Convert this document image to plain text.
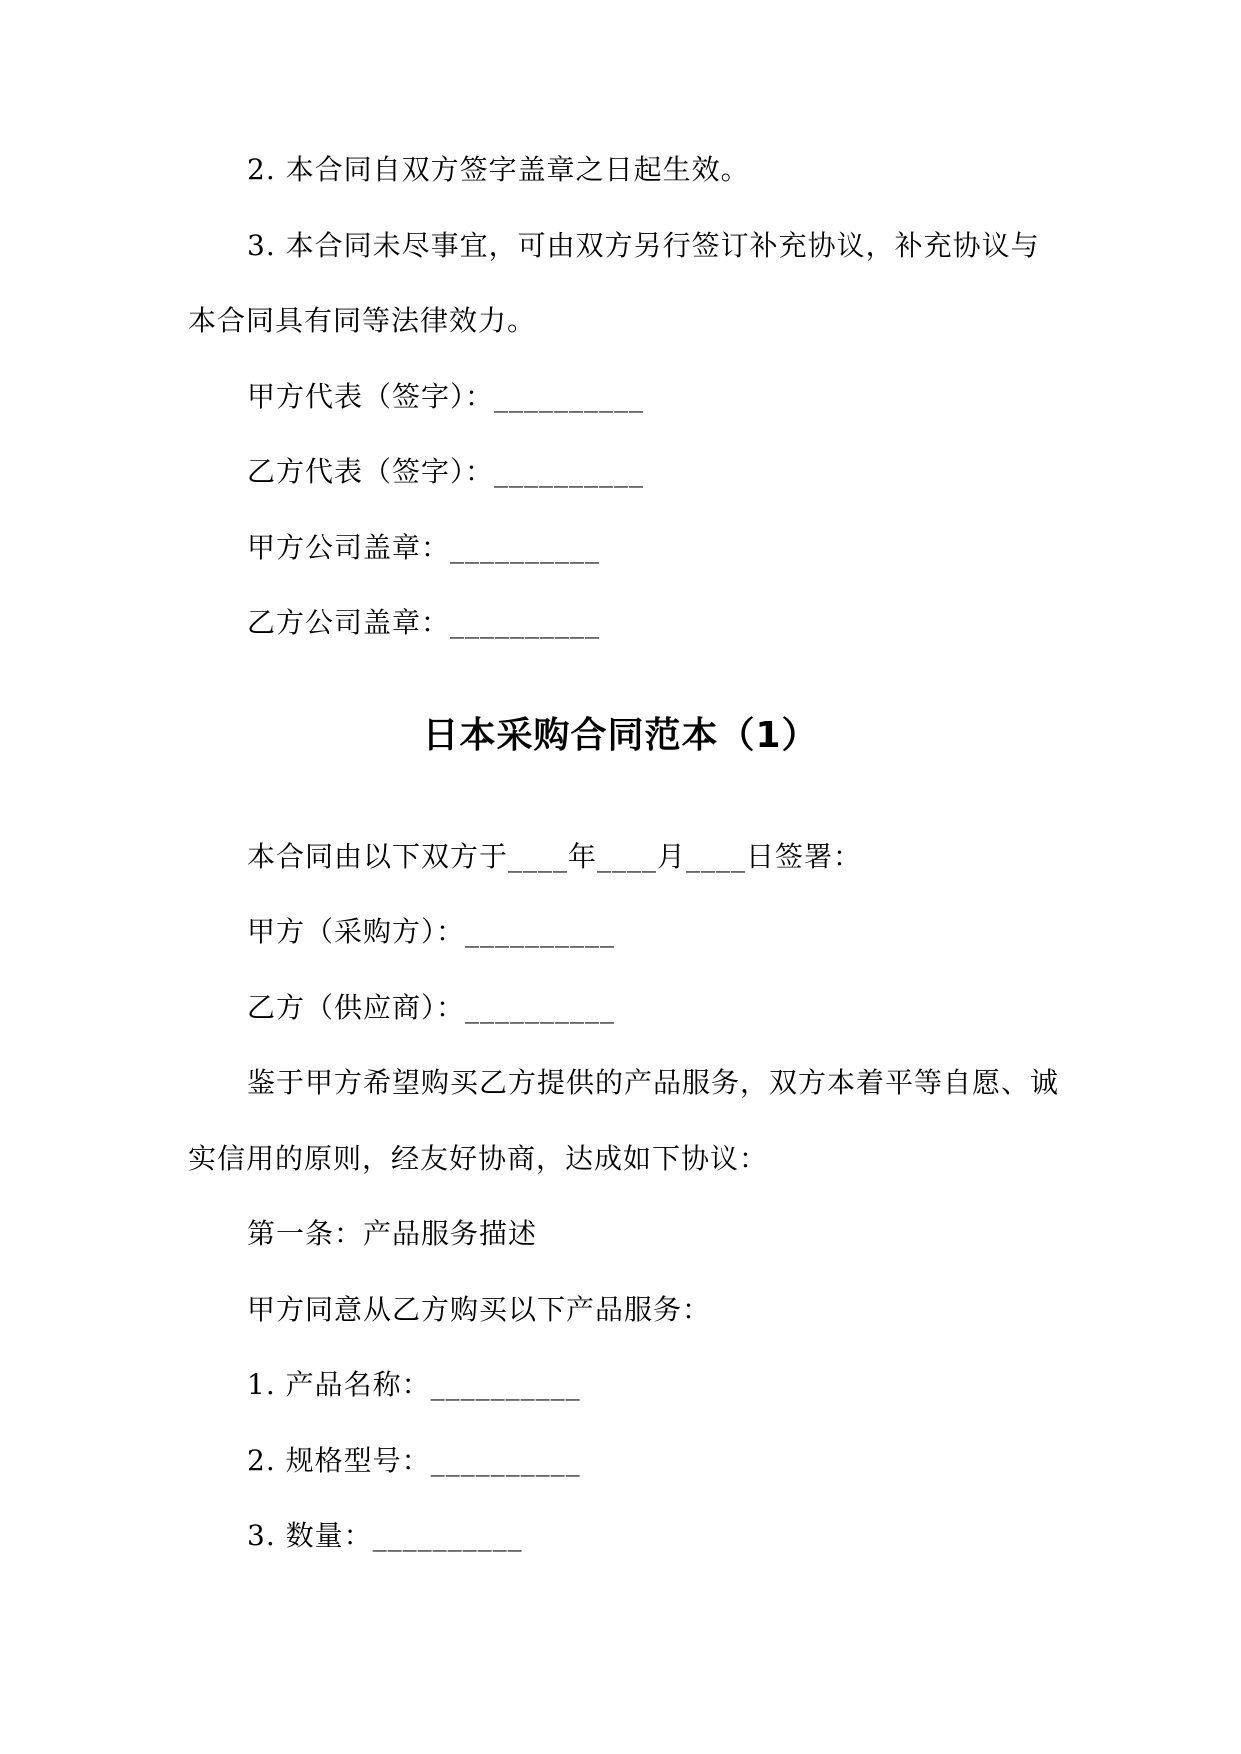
2. 本合同自双方签字盖章之日起生效。
3. 本合同未尽事宜，可由双方另行签订补充协议，补充协议与
本合同具有同等法律效力。
甲方代表（签字）：__________
乙方代表（签字）：__________
甲方公司盖章：__________
乙方公司盖章：__________
日本采购合同范本（1）
本合同由以下双方于____年____月____日签署：
甲方（采购方）：__________
乙方（供应商）：__________
鉴于甲方希望购买乙方提供的产品服务，双方本着平等自愿、诚
实信用的原则，经友好协商，达成如下协议：
第一条：产品服务描述
甲方同意从乙方购买以下产品服务：
1. 产品名称：__________
2. 规格型号：__________
3. 数量：__________
